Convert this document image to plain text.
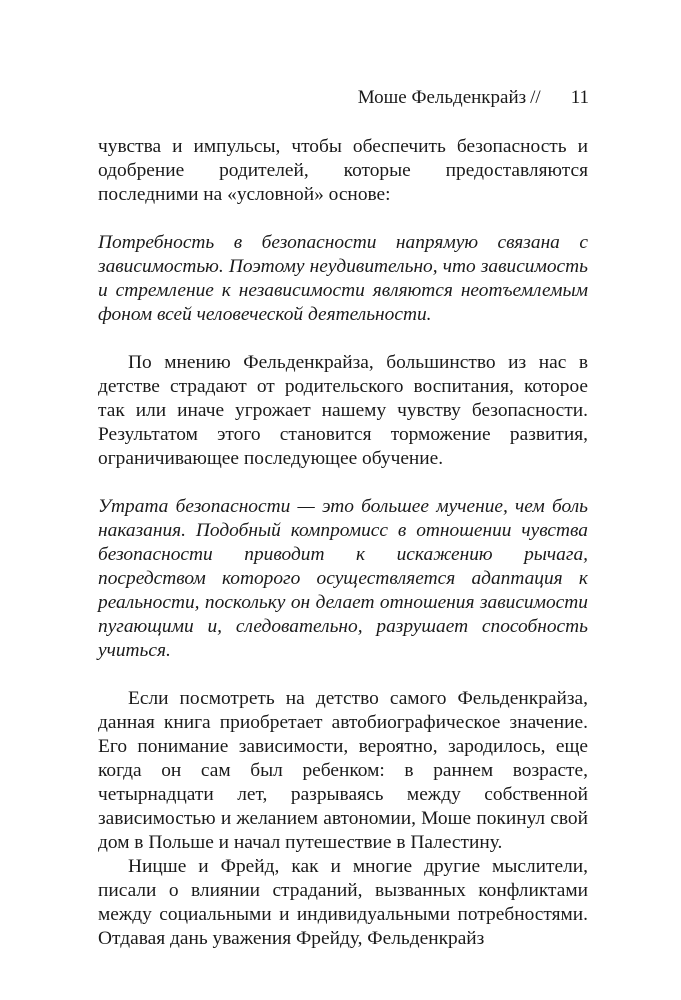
Моше Фельденкрайз // 11

чувства и импульсы, чтобы обеспечить безопасность и одобрение родителей, которые предоставляются последними на «условной» основе:

Потребность в безопасности напрямую связана с зависимостью. Поэтому неудивительно, что зависимость и стремление к независимости являются неотъемлемым фоном всей человеческой деятельности.

По мнению Фельденкрайза, большинство из нас в детстве страдают от родительского воспитания, которое так или иначе угрожает нашему чувству безопасности. Результатом этого становится торможение развития, ограничивающее последующее обучение.

Утрата безопасности — это большее мучение, чем боль наказания. Подобный компромисс в отношении чувства безопасности приводит к искажению рычага, посредством которого осуществляется адаптация к реальности, поскольку он делает отношения зависимости пугающими и, следовательно, разрушает способность учиться.

Если посмотреть на детство самого Фельденкрайза, данная книга приобретает автобиографическое значение. Его понимание зависимости, вероятно, зародилось, еще когда он сам был ребенком: в раннем возрасте, четырнадцати лет, разрываясь между собственной зависимостью и желанием автономии, Моше покинул свой дом в Польше и начал путешествие в Палестину.

Ницше и Фрейд, как и многие другие мыслители, писали о влиянии страданий, вызванных конфликтами между социальными и индивидуальными потребностями. Отдавая дань уважения Фрейду, Фельденкрайз
